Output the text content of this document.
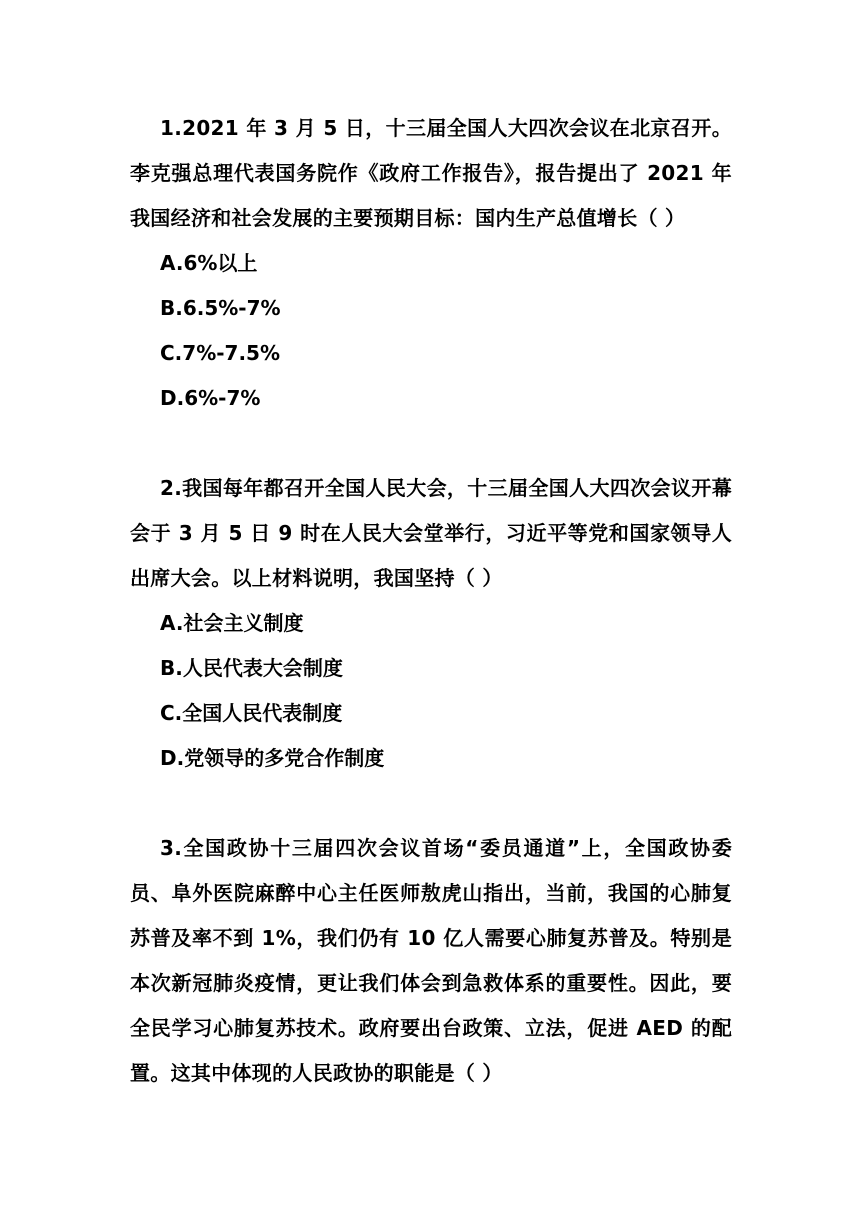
1.2021 年 3 月 5 日，十三届全国人大四次会议在北京召开。李克强总理代表国务院作《政府工作报告》，报告提出了 2021 年我国经济和社会发展的主要预期目标：国内生产总值增长（ ）

A.6%以上
B.6.5%-7%
C.7%-7.5%
D.6%-7%

2.我国每年都召开全国人民大会，十三届全国人大四次会议开幕会于 3 月 5 日 9 时在人民大会堂举行，习近平等党和国家领导人出席大会。以上材料说明，我国坚持（ ）

A.社会主义制度
B.人民代表大会制度
C.全国人民代表制度
D.党领导的多党合作制度

3.全国政协十三届四次会议首场“委员通道”上，全国政协委员、阜外医院麻醉中心主任医师敖虎山指出，当前，我国的心肺复苏普及率不到 1%，我们仍有 10 亿人需要心肺复苏普及。特别是本次新冠肺炎疫情，更让我们体会到急救体系的重要性。因此，要全民学习心肺复苏技术。政府要出台政策、立法，促进 AED 的配置。这其中体现的人民政协的职能是（ ）
